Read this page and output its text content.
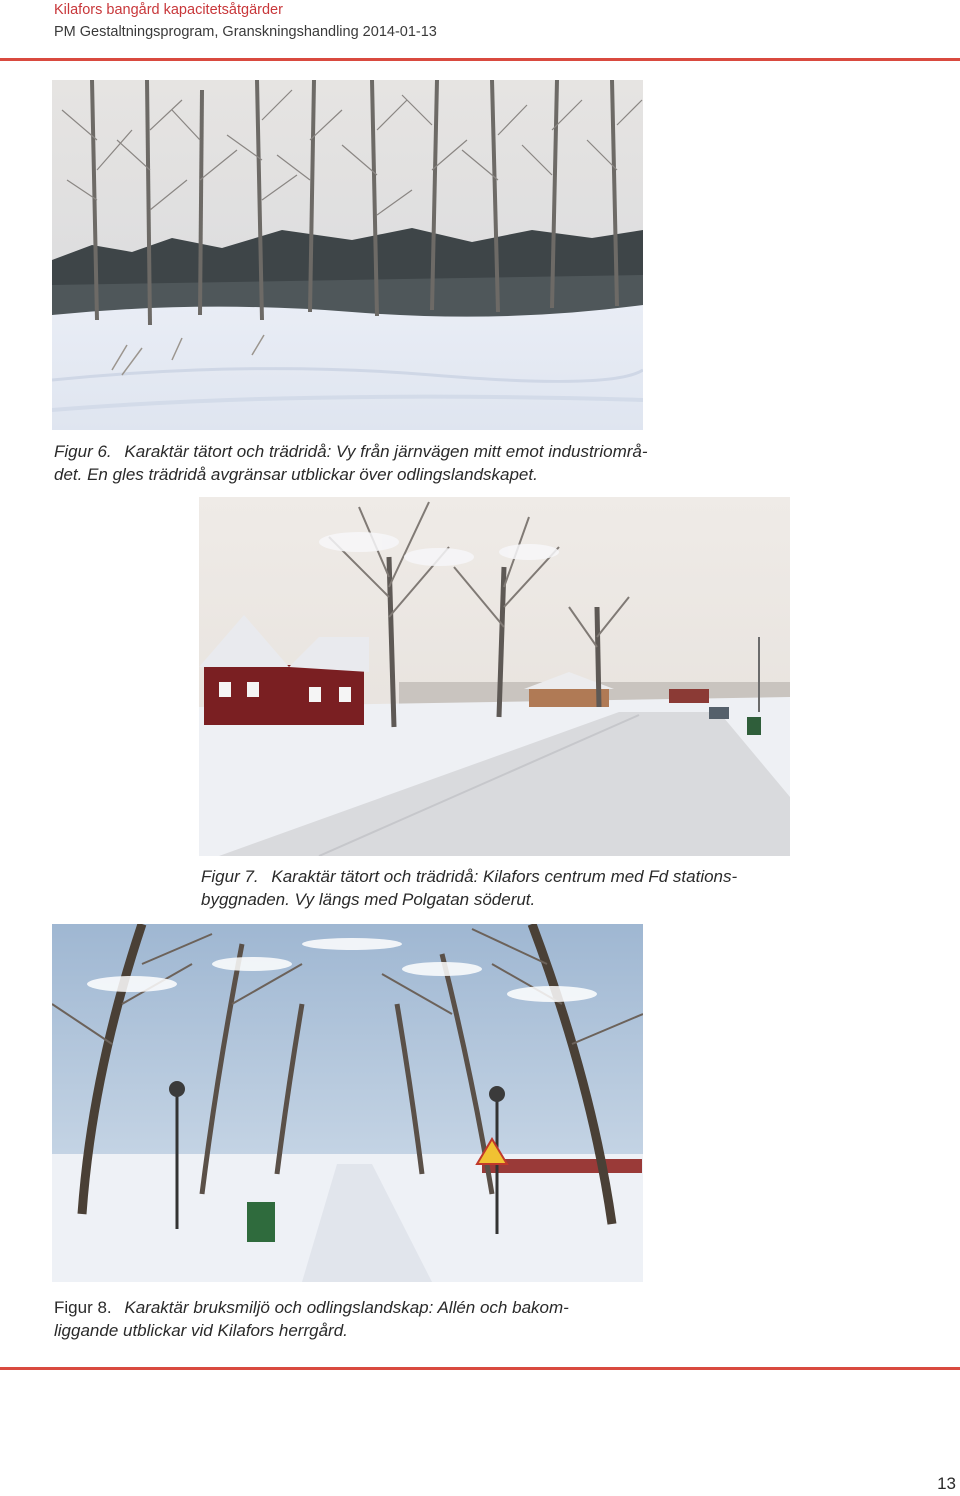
Kilafors bangård kapacitetsåtgärder
PM Gestaltningsprogram, Granskningshandling 2014-01-13
Figur 6. Karaktär tätort och trädridå: Vy från järnvägen mitt emot industriområ-
det. En gles trädridå avgränsar utblickar över odlingslandskapet.
Figur 7. Karaktär tätort och trädridå: Kilafors centrum med Fd stations-
byggnaden. Vy längs med Polgatan söderut.
Figur 8. Karaktär bruksmiljö och odlingslandskap: Allén och bakom-
liggande utblickar vid Kilafors herrgård.
13
